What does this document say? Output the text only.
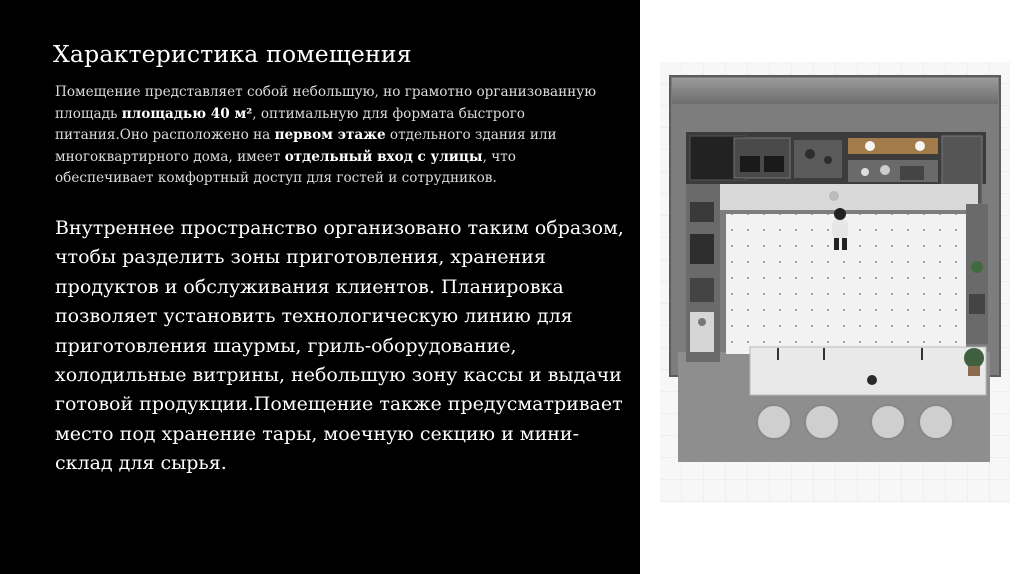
Характеристика помещения

Помещение представляет собой небольшую, но грамотно организованную площадь площадью 40 м², оптимальную для формата быстрого питания.Оно расположено на первом этаже отдельного здания или многоквартирного дома, имеет отдельный вход с улицы, что обеспечивает комфортный доступ для гостей и сотрудников.

Внутреннее пространство организовано таким образом, чтобы разделить зоны приготовления, хранения продуктов и обслуживания клиентов. Планировка позволяет установить технологическую линию для приготовления шаурмы, гриль-оборудование, холодильные витрины, небольшую зону кассы и выдачи готовой продукции.Помещение также предусматривает место под хранение тары, моечную секцию и мини-склад для сырья.
